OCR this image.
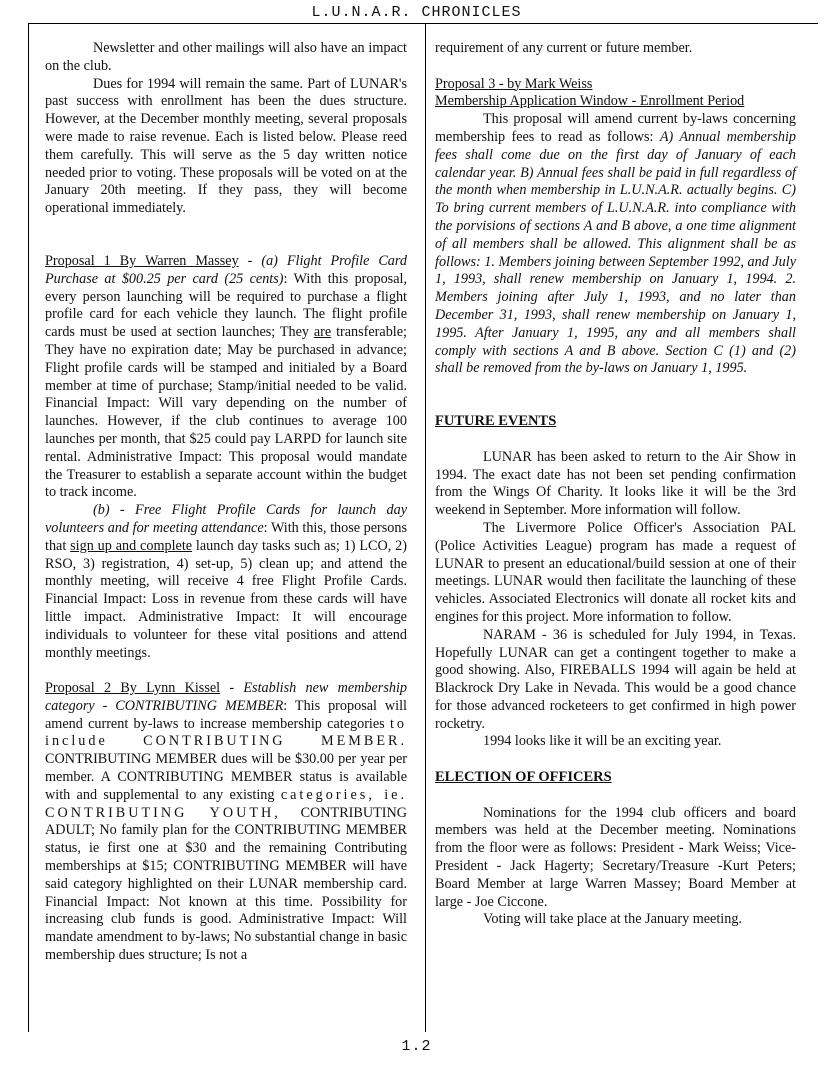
L.U.N.A.R. CHRONICLES

Newsletter and other mailings will also have an impact on the club.

Dues for 1994 will remain the same. Part of LUNAR's past success with enrollment has been the dues structure. However, at the December monthly meeting, several proposals were made to raise revenue. Each is listed below. Please reed them carefully. This will serve as the 5 day written notice needed prior to voting. These proposals will be voted on at the January 20th meeting. If they pass, they will become operational immediately.

Proposal 1 By Warren Massey - (a) Flight Profile Card Purchase at $00.25 per card (25 cents): With this proposal, every person launching will be required to purchase a flight profile card for each vehicle they launch. The flight profile cards must be used at section launches; They are transferable; They have no expiration date; May be purchased in advance; Flight profile cards will be stamped and initialed by a Board member at time of purchase; Stamp/initial needed to be valid. Financial Impact: Will vary depending on the number of launches. However, if the club continues to average 100 launches per month, that $25 could pay LARPD for launch site rental. Administrative Impact: This proposal would mandate the Treasurer to establish a separate account within the budget to track income.

(b) - Free Flight Profile Cards for launch day volunteers and for meeting attendance: With this, those persons that sign up and complete launch day tasks such as; 1) LCO, 2) RSO, 3) registration, 4) set-up, 5) clean up; and attend the monthly meeting, will receive 4 free Flight Profile Cards. Financial Impact: Loss in revenue from these cards will have little impact. Administrative Impact: It will encourage individuals to volunteer for these vital positions and attend monthly meetings.

Proposal 2 By Lynn Kissel - Establish new membership category - CONTRIBUTING MEMBER: This proposal will amend current by-laws to increase membership categories to include CONTRIBUTING MEMBER. CONTRIBUTING MEMBER dues will be $30.00 per year per member. A CONTRIBUTING MEMBER status is available with and supplemental to any existing categories, ie. CONTRIBUTING YOUTH, CONTRIBUTING ADULT; No family plan for the CONTRIBUTING MEMBER status, ie first one at $30 and the remaining Contributing memberships at $15; CONTRIBUTING MEMBER will have said category highlighted on their LUNAR membership card. Financial Impact: Not known at this time. Possibility for increasing club funds is good. Administrative Impact: Will mandate amendment to by-laws; No substantial change in basic membership dues structure; Is not a

requirement of any current or future member.

Proposal 3 - by Mark Weiss

Membership Application Window - Enrollment Period

This proposal will amend current by-laws concerning membership fees to read as follows: A) Annual membership fees shall come due on the first day of January of each calendar year. B) Annual fees shall be paid in full regardless of the month when membership in L.U.N.A.R. actually begins. C) To bring current members of L.U.N.A.R. into compliance with the porvisions of sections A and B above, a one time alignment of all members shall be allowed. This alignment shall be as follows: 1. Members joining between September 1992, and July 1, 1993, shall renew membership on January 1, 1994. 2. Members joining after July 1, 1993, and no later than December 31, 1993, shall renew membership on January 1, 1995. After January 1, 1995, any and all members shall comply with sections A and B above. Section C (1) and (2) shall be removed from the by-laws on January 1, 1995.

FUTURE EVENTS

LUNAR has been asked to return to the Air Show in 1994. The exact date has not been set pending confirmation from the Wings Of Charity. It looks like it will be the 3rd weekend in September. More information will follow.

The Livermore Police Officer's Association PAL (Police Activities League) program has made a request of LUNAR to present an educational/build session at one of their meetings. LUNAR would then facilitate the launching of these vehicles. Associated Electronics will donate all rocket kits and engines for this project. More information to follow.

NARAM - 36 is scheduled for July 1994, in Texas. Hopefully LUNAR can get a contingent together to make a good showing. Also, FIREBALLS 1994 will again be held at Blackrock Dry Lake in Nevada. This would be a good chance for those advanced rocketeers to get confirmed in high power rocketry.

1994 looks like it will be an exciting year.

ELECTION OF OFFICERS

Nominations for the 1994 club officers and board members was held at the December meeting. Nominations from the floor were as follows: President - Mark Weiss; Vice-President - Jack Hagerty; Secretary/Treasure -Kurt Peters; Board Member at large Warren Massey; Board Member at large - Joe Ciccone.

Voting will take place at the January meeting.

1.2
